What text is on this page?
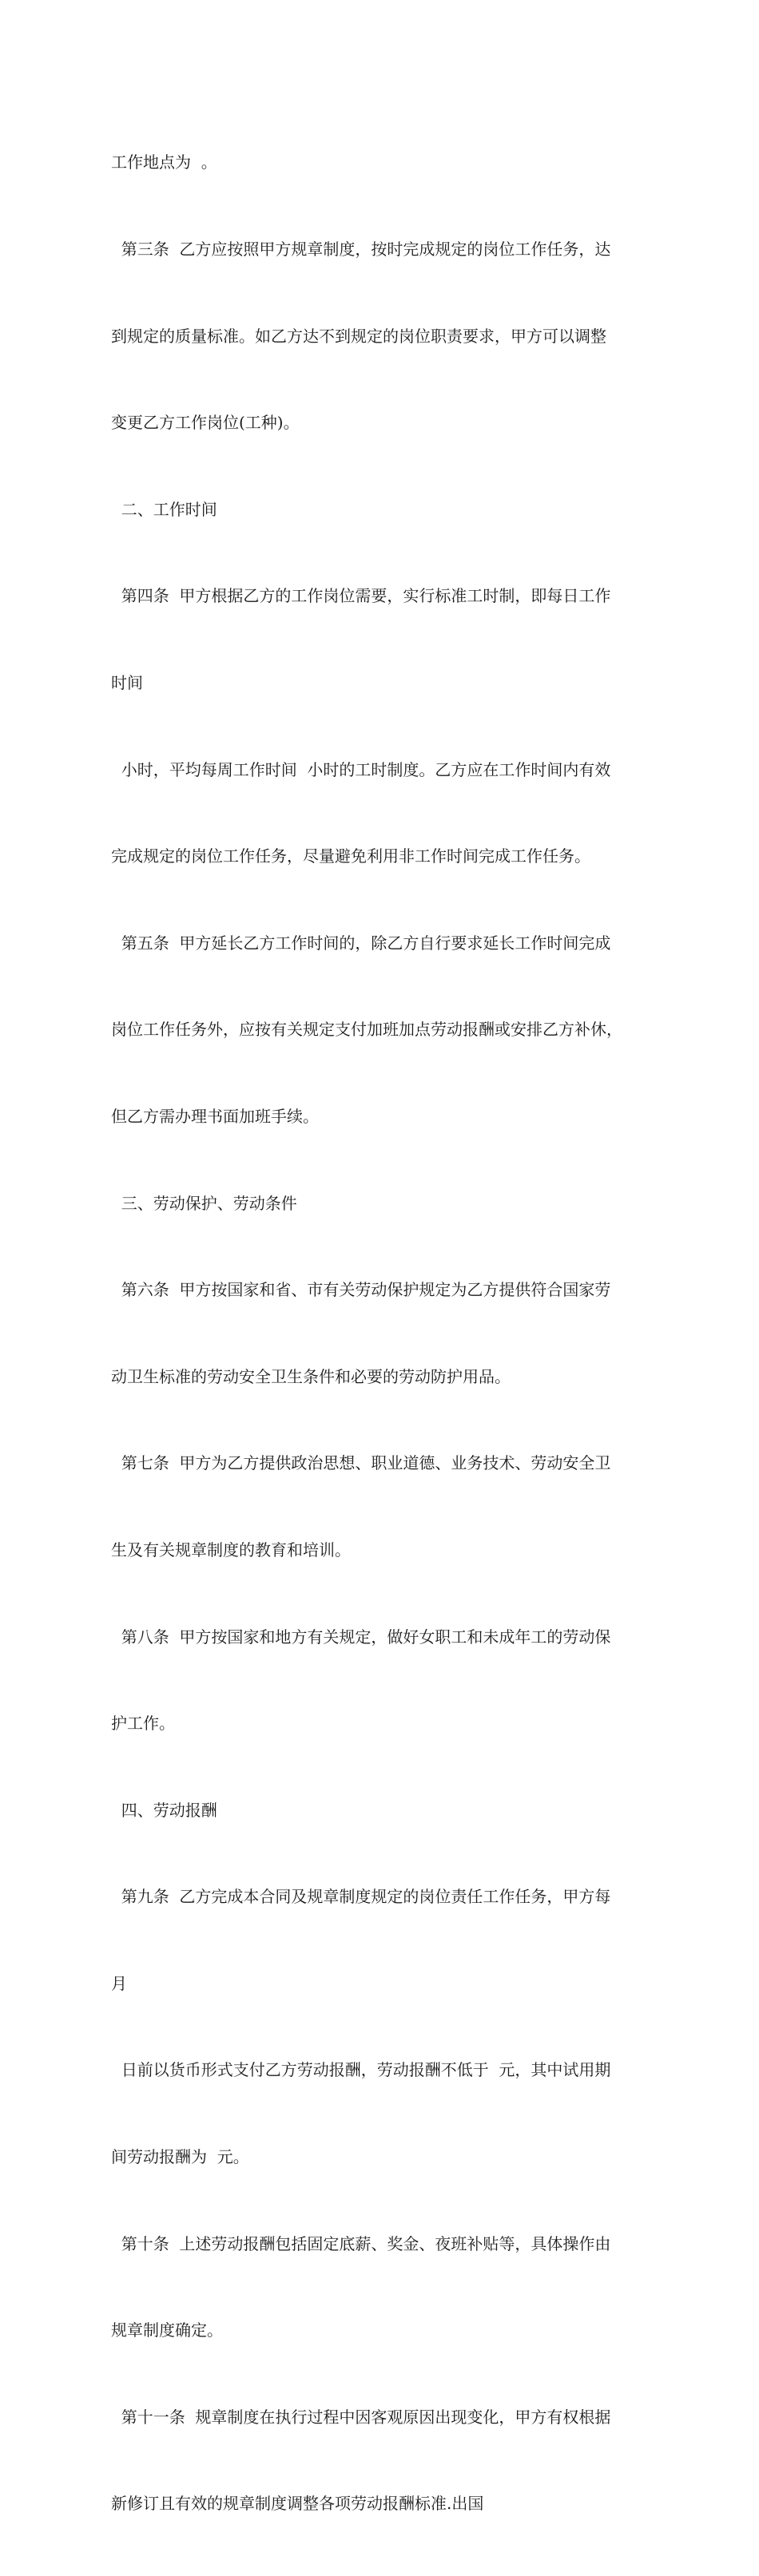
工作地点为  。

第三条  乙方应按照甲方规章制度，按时完成规定的岗位工作任务，达

到规定的质量标准。如乙方达不到规定的岗位职责要求，甲方可以调整

变更乙方工作岗位(工种)。

二、工作时间

第四条  甲方根据乙方的工作岗位需要，实行标准工时制，即每日工作

时间

小时，平均每周工作时间  小时的工时制度。乙方应在工作时间内有效

完成规定的岗位工作任务，尽量避免利用非工作时间完成工作任务。

第五条  甲方延长乙方工作时间的，除乙方自行要求延长工作时间完成

岗位工作任务外，应按有关规定支付加班加点劳动报酬或安排乙方补休，

但乙方需办理书面加班手续。

三、劳动保护、劳动条件

第六条  甲方按国家和省、市有关劳动保护规定为乙方提供符合国家劳

动卫生标准的劳动安全卫生条件和必要的劳动防护用品。

第七条  甲方为乙方提供政治思想、职业道德、业务技术、劳动安全卫

生及有关规章制度的教育和培训。

第八条  甲方按国家和地方有关规定，做好女职工和未成年工的劳动保

护工作。

四、劳动报酬

第九条  乙方完成本合同及规章制度规定的岗位责任工作任务，甲方每

月

日前以货币形式支付乙方劳动报酬，劳动报酬不低于  元，其中试用期

间劳动报酬为  元。

第十条  上述劳动报酬包括固定底薪、奖金、夜班补贴等，具体操作由

规章制度确定。

第十一条  规章制度在执行过程中因客观原因出现变化，甲方有权根据

新修订且有效的规章制度调整各项劳动报酬标准.出国
